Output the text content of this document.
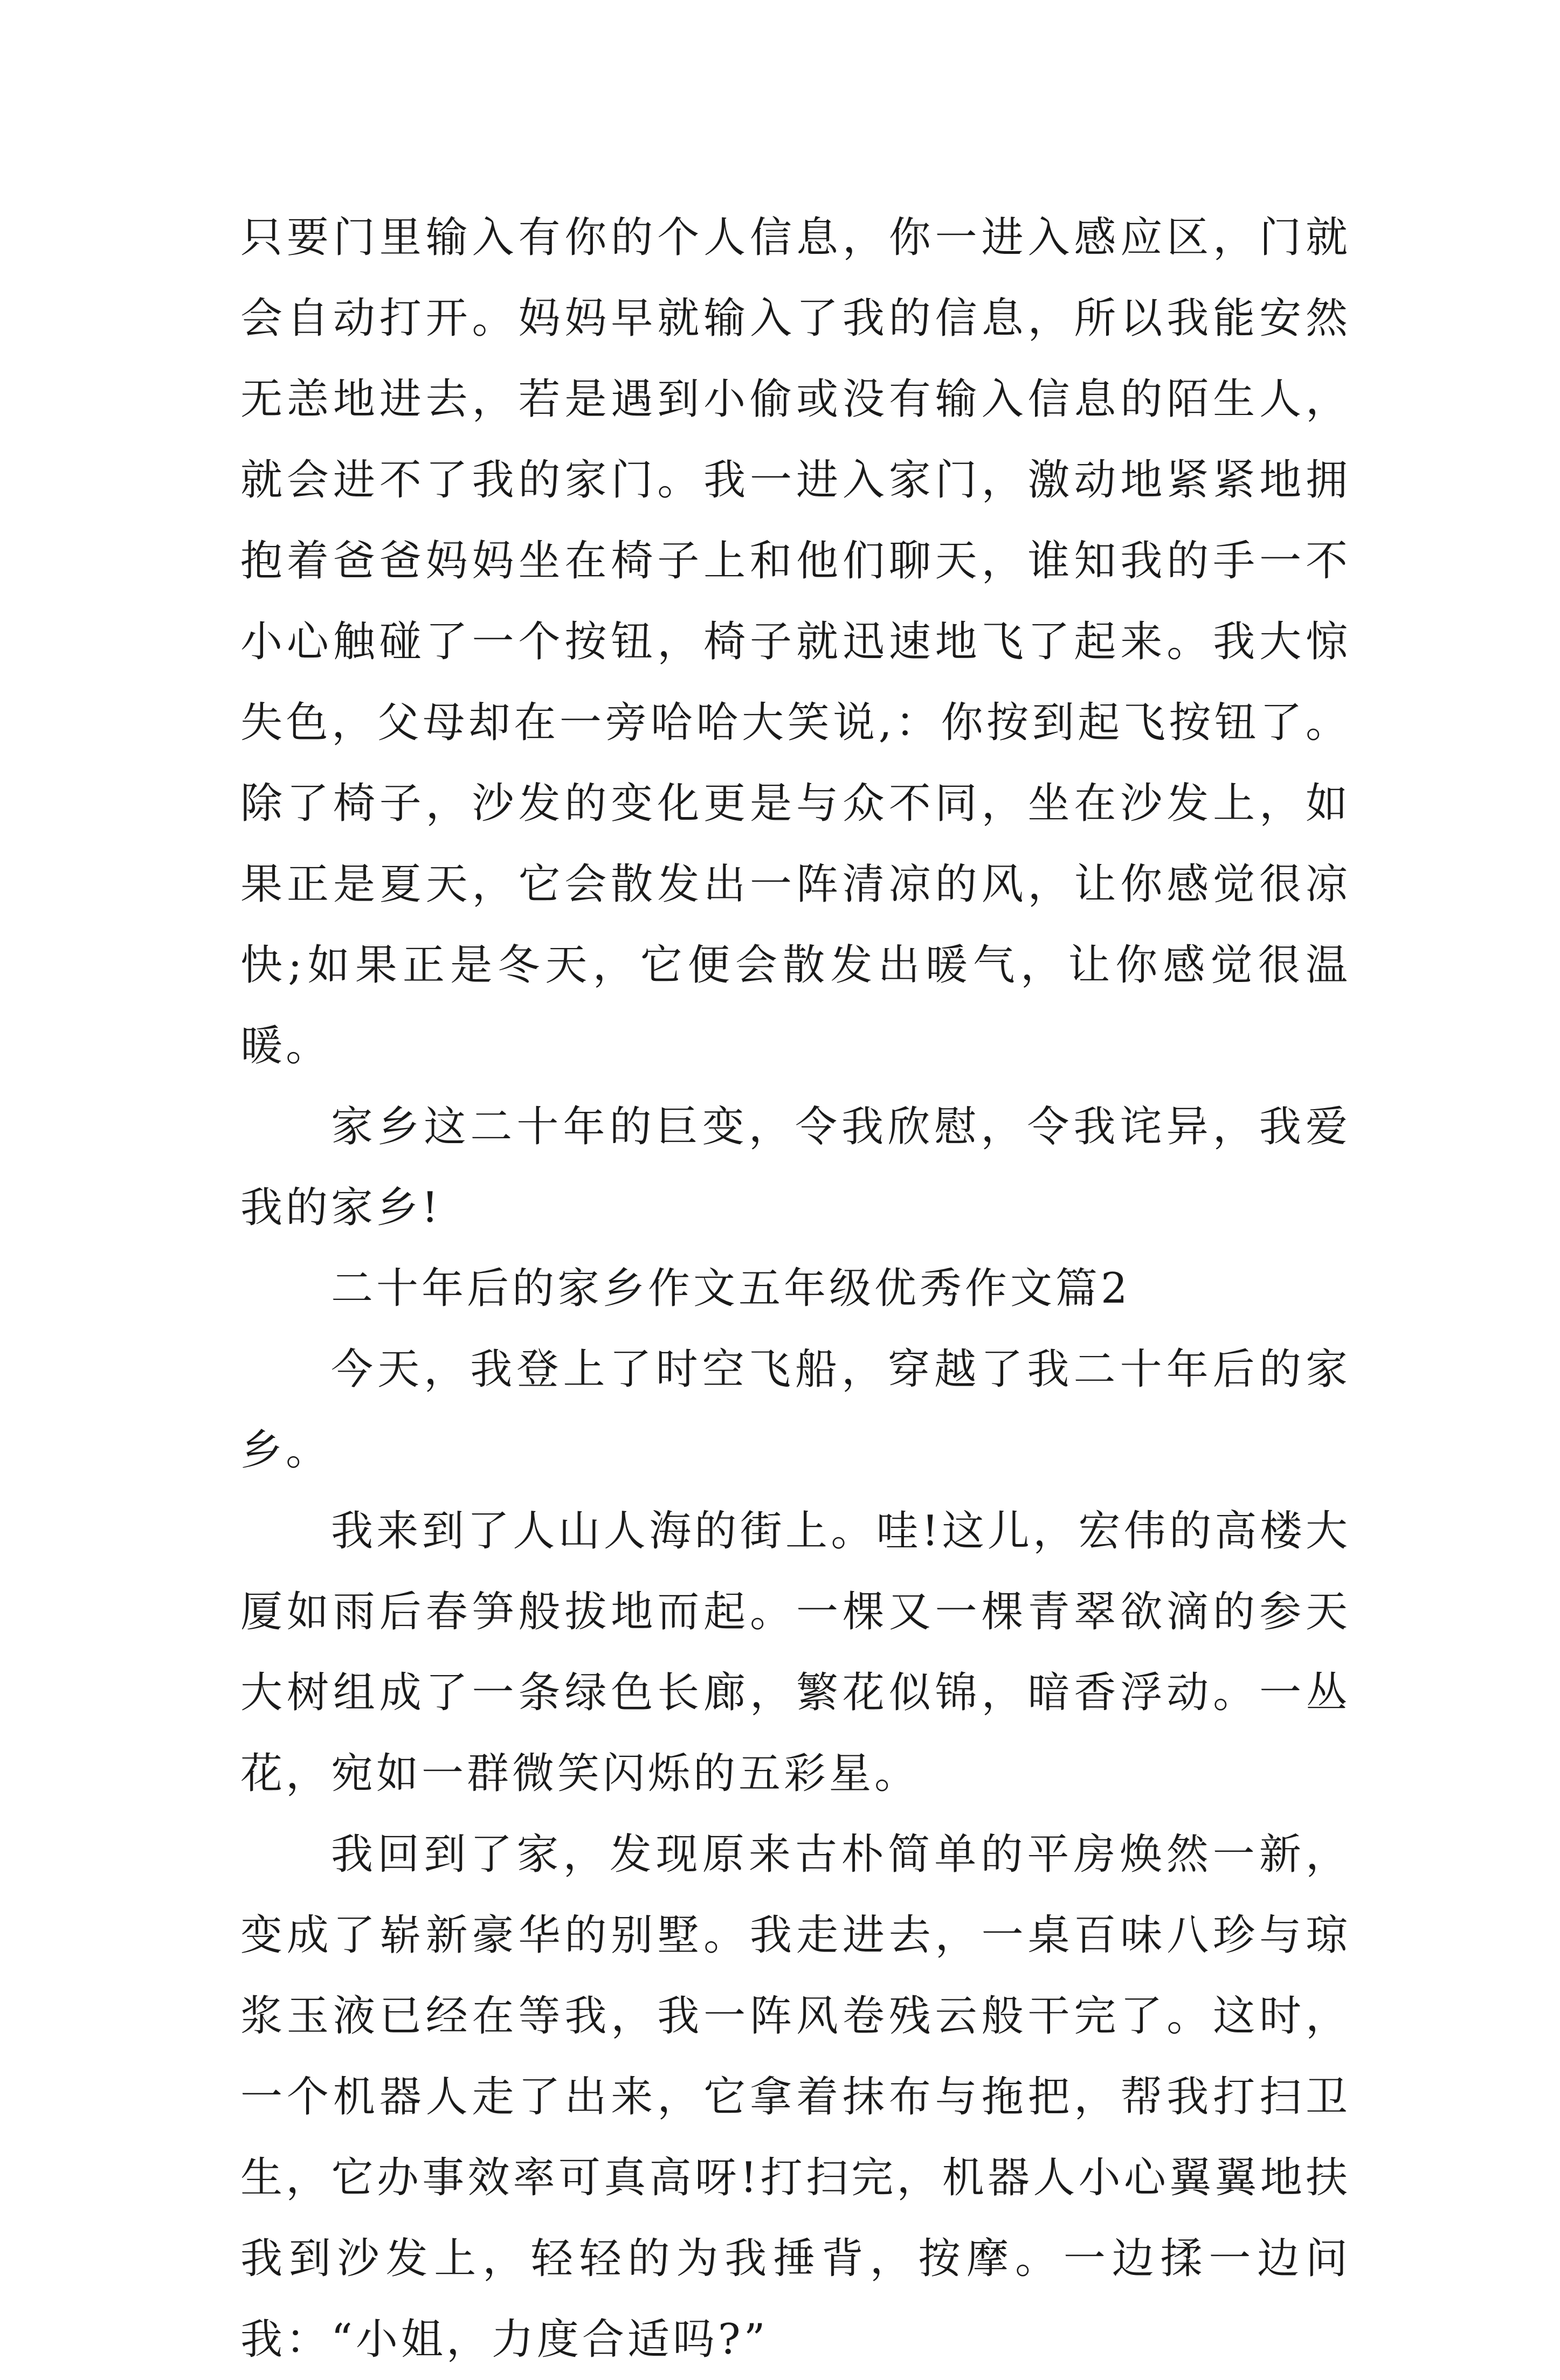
只要门里输入有你的个人信息，你一进入感应区，门就会自动打开。妈妈早就输入了我的信息，所以我能安然无恙地进去，若是遇到小偷或没有输入信息的陌生人，就会进不了我的家门。我一进入家门，激动地紧紧地拥抱着爸爸妈妈坐在椅子上和他们聊天，谁知我的手一不小心触碰了一个按钮，椅子就迅速地飞了起来。我大惊失色，父母却在一旁哈哈大笑说,：你按到起飞按钮了。除了椅子，沙发的变化更是与众不同，坐在沙发上，如果正是夏天，它会散发出一阵清凉的风，让你感觉很凉快;如果正是冬天，它便会散发出暖气，让你感觉很温暖。

家乡这二十年的巨变，令我欣慰，令我诧异，我爱我的家乡!

二十年后的家乡作文五年级优秀作文篇2

今天，我登上了时空飞船，穿越了我二十年后的家乡。

我来到了人山人海的街上。哇!这儿，宏伟的高楼大厦如雨后春笋般拔地而起。一棵又一棵青翠欲滴的参天大树组成了一条绿色长廊，繁花似锦，暗香浮动。一丛花，宛如一群微笑闪烁的五彩星。

我回到了家，发现原来古朴简单的平房焕然一新，变成了崭新豪华的别墅。我走进去，一桌百味八珍与琼浆玉液已经在等我，我一阵风卷残云般干完了。这时，一个机器人走了出来，它拿着抹布与拖把，帮我打扫卫生，它办事效率可真高呀!打扫完，机器人小心翼翼地扶我到沙发上，轻轻的为我捶背，按摩。一边揉一边问我：“小姐，力度合适吗?”
